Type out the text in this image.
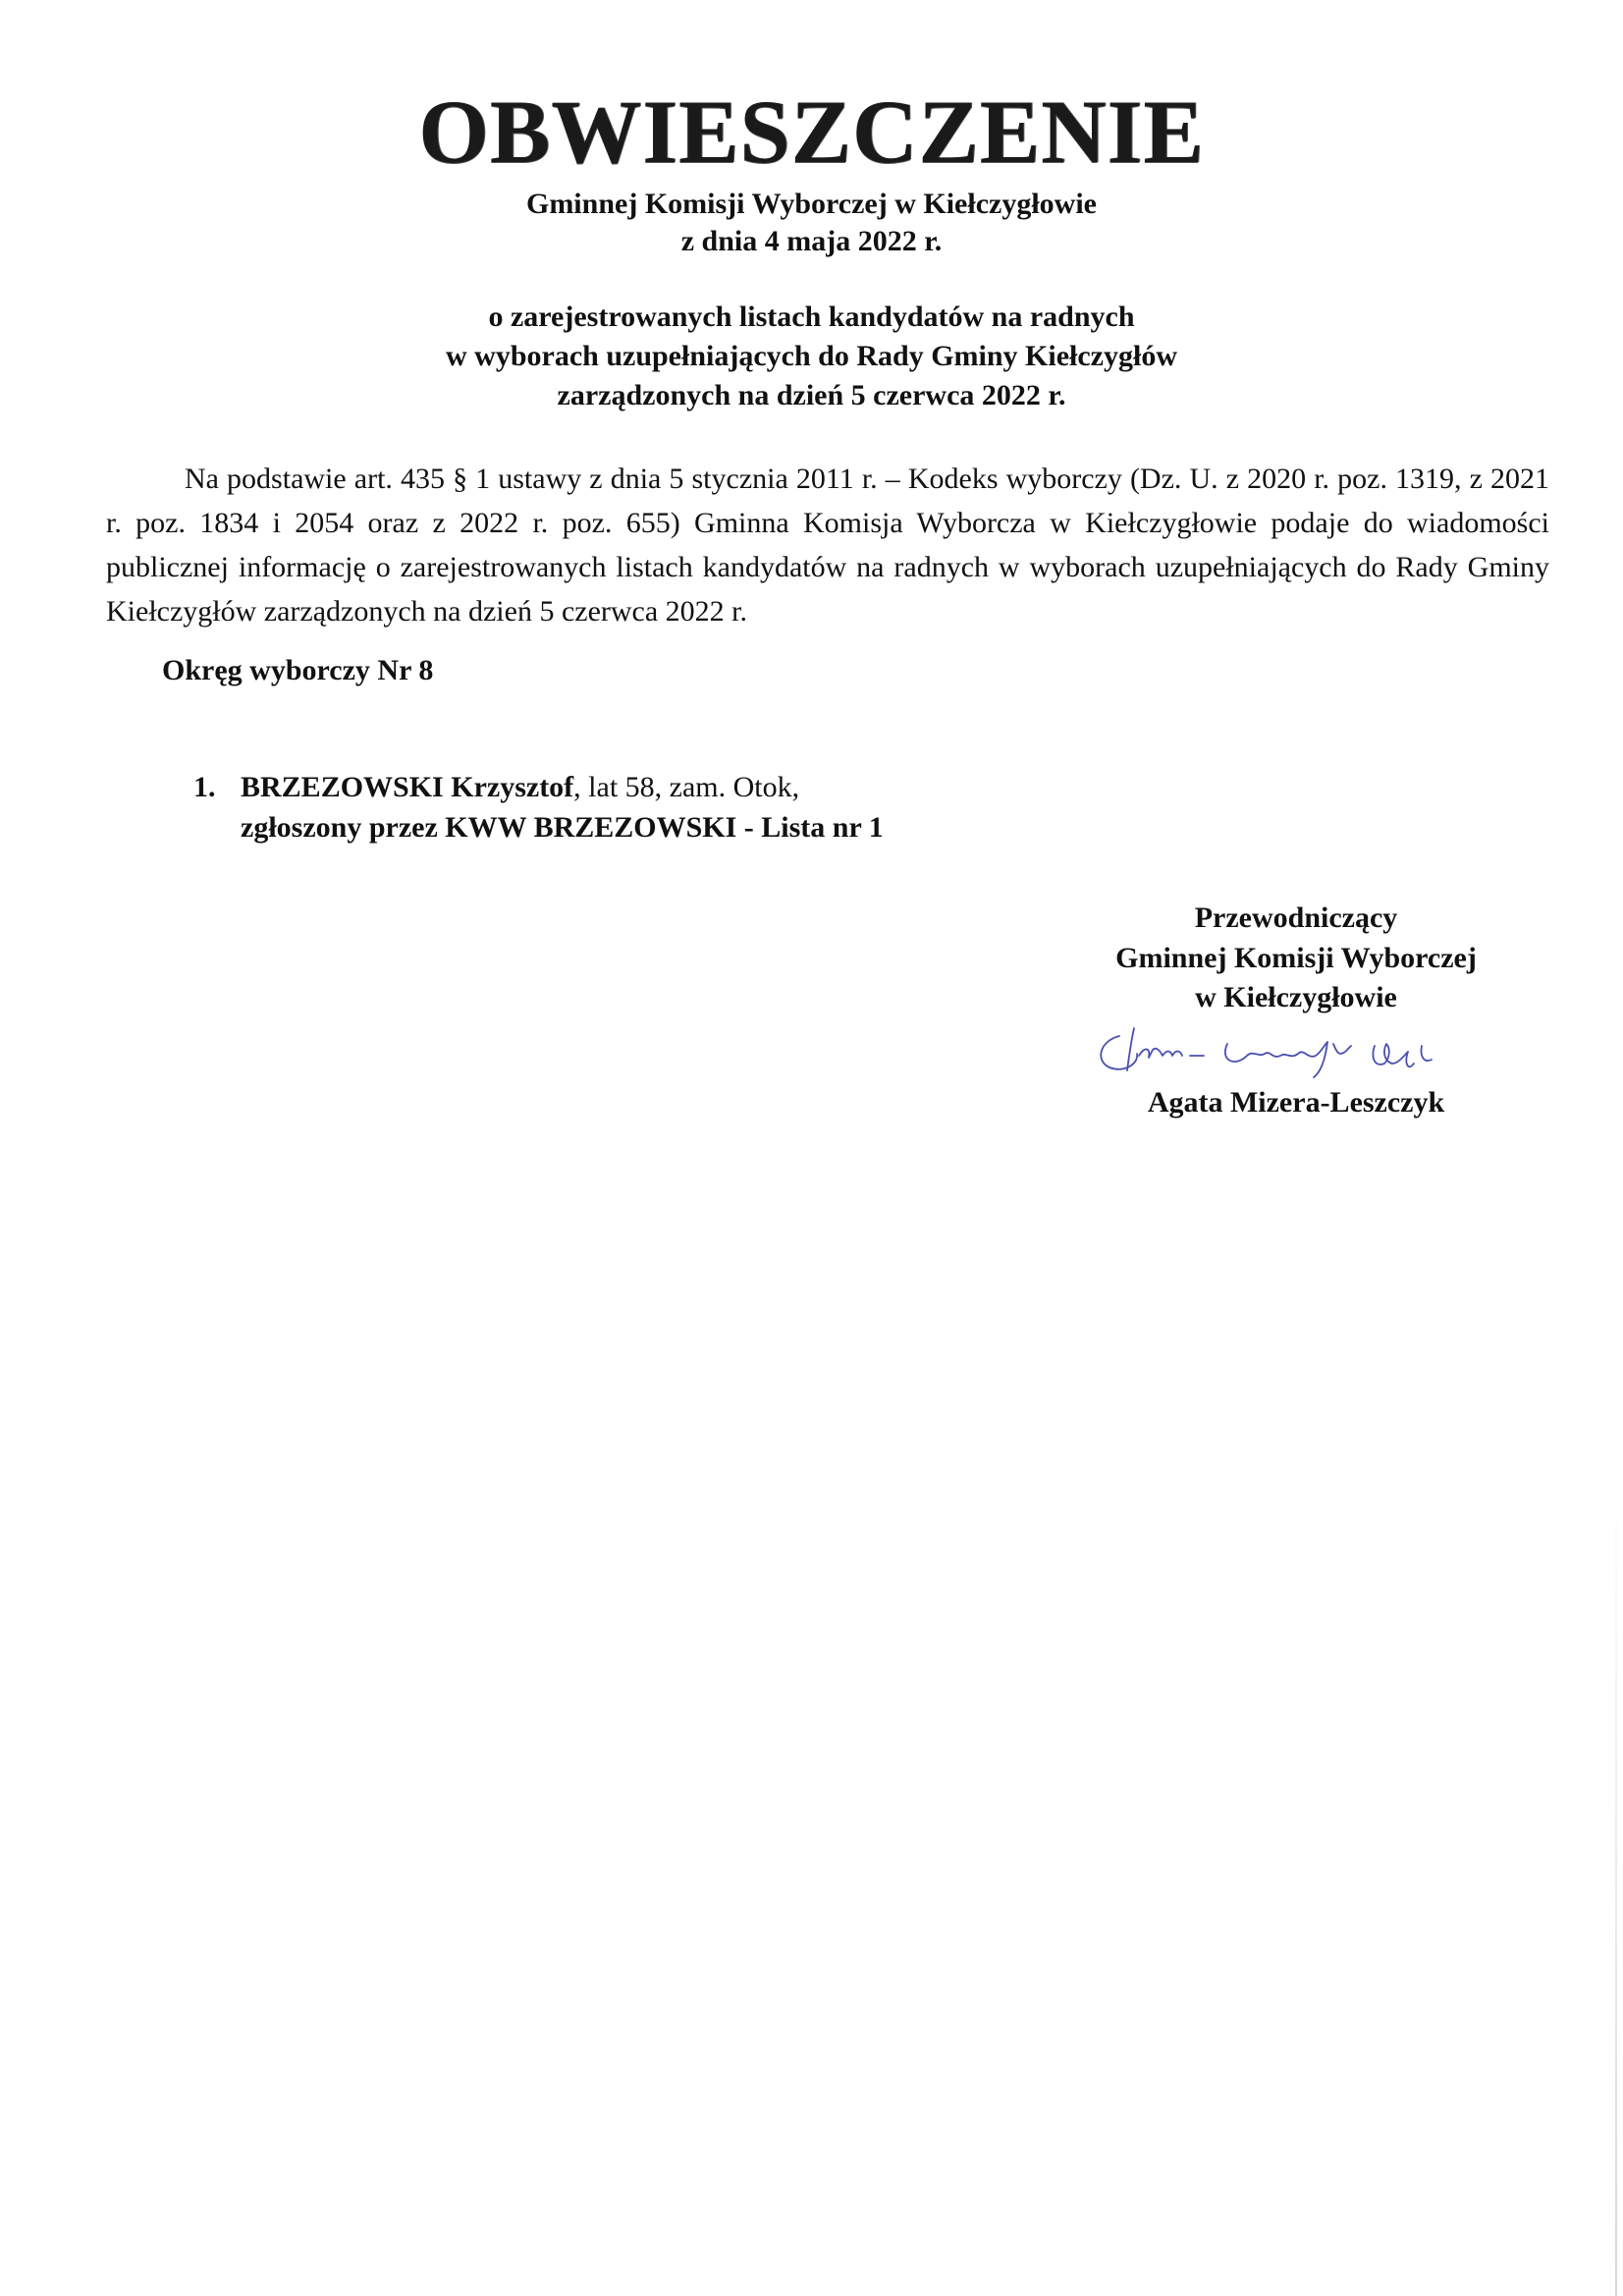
OBWIESZCZENIE
Gminnej Komisji Wyborczej w Kiełczygłowie
z dnia 4 maja 2022 r.
o zarejestrowanych listach kandydatów na radnych
w wyborach uzupełniających do Rady Gminy Kiełczygłów
zarządzonych na dzień 5 czerwca 2022 r.

Na podstawie art. 435 § 1 ustawy z dnia 5 stycznia 2011 r. – Kodeks wyborczy (Dz. U. z 2020 r. poz. 1319, z 2021 r. poz. 1834 i 2054 oraz z 2022 r. poz. 655) Gminna Komisja Wyborcza w Kiełczygłowie podaje do wiadomości publicznej informację o zarejestrowanych listach kandydatów na radnych w wyborach uzupełniających do Rady Gminy Kiełczygłów zarządzonych na dzień 5 czerwca 2022 r.

Okręg wyborczy Nr 8
1. BRZEZOWSKI Krzysztof, lat 58, zam. Otok,
zgłoszony przez KWW BRZEZOWSKI - Lista nr 1
Przewodniczący
Gminnej Komisji Wyborczej
w Kiełczygłowie
Agata Mizera-Leszczyk
